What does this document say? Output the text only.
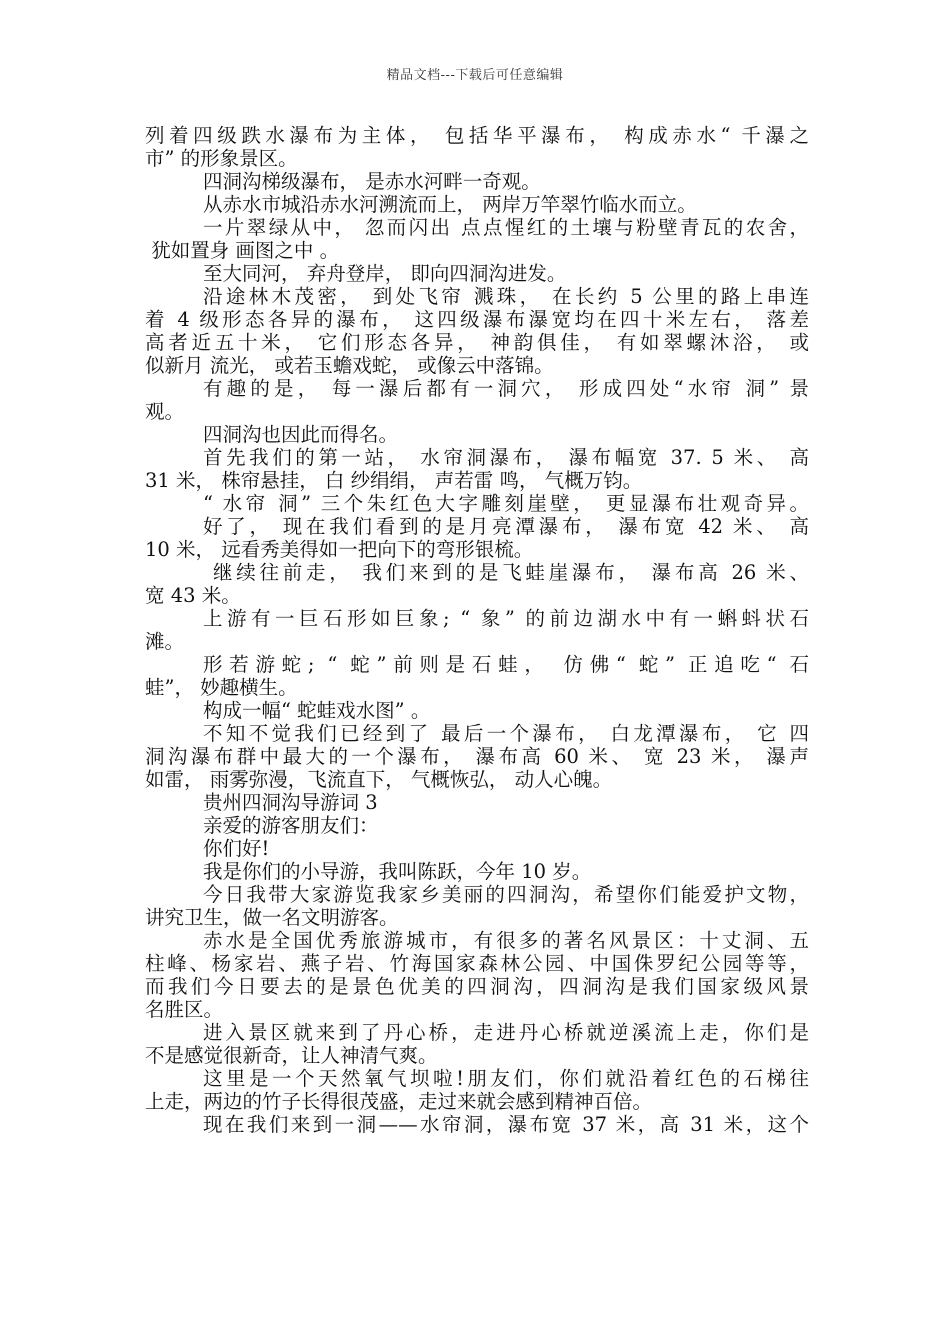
精品文档---下载后可任意编辑
列着四级跌水瀑布为主体， 包括华平瀑布， 构成赤水“ 千瀑之
市” 的形象景区。
四洞沟梯级瀑布， 是赤水河畔一奇观。
从赤水市城沿赤水河溯流而上， 两岸万竿翠竹临水而立。
一片翠绿从中， 忽而闪出 点点惺红的土壤与粉壁青瓦的农舍，
犹如置身 画图之中 。
至大同河， 弃舟登岸， 即向四洞沟进发。
沿途林木茂密， 到处飞帘 溅珠， 在长约 5 公里的路上串连
着 4 级形态各异的瀑布， 这四级瀑布瀑宽均在四十米左右， 落差
高者近五十米， 它们形态各异， 神韵俱佳， 有如翠螺沐浴， 或
似新月 流光， 或若玉蟾戏蛇， 或像云中落锦。
有趣的是， 每一瀑后都有一洞穴， 形成四处“水帘 洞” 景
观。
四洞沟也因此而得名。
首先我们的第一站， 水帘洞瀑布， 瀑布幅宽 37. 5 米、 高
31 米， 株帘悬挂， 白 纱绢绢， 声若雷 鸣， 气概万钧。
“ 水帘 洞” 三个朱红色大字雕刻崖壁， 更显瀑布壮观奇异。
好了， 现在我们看到的是月亮潭瀑布， 瀑布宽 42 米、 高
10 米， 远看秀美得如一把向下的弯形银梳。
继续往前走， 我们来到的是飞蛙崖瀑布， 瀑布高 26 米、
宽 43 米。
上游有一巨石形如巨象; “ 象” 的前边湖水中有一蝌蚪状石
滩。
形若游蛇; “ 蛇”前则是石蛙， 仿佛“ 蛇” 正追吃“ 石
蛙”， 妙趣横生。
构成一幅“ 蛇蛙戏水图” 。
不知不觉我们已经到了 最后一个瀑布， 白龙潭瀑布， 它 四
洞沟瀑布群中最大的一个瀑布， 瀑布高 60 米、 宽 23 米， 瀑声
如雷， 雨雾弥漫，飞流直下， 气概恢弘， 动人心魄。
贵州四洞沟导游词 3
亲爱的游客朋友们：
你们好!
我是你们的小导游，我叫陈跃，今年 10 岁。
今日我带大家游览我家乡美丽的四洞沟，希望你们能爱护文物，
讲究卫生，做一名文明游客。
赤水是全国优秀旅游城市，有很多的著名风景区：十丈洞、五
柱峰、杨家岩、燕子岩、竹海国家森林公园、中国侏罗纪公园等等，
而我们今日要去的是景色优美的四洞沟，四洞沟是我们国家级风景
名胜区。
进入景区就来到了丹心桥，走进丹心桥就逆溪流上走，你们是
不是感觉很新奇，让人神清气爽。
这里是一个天然氧气坝啦!朋友们，你们就沿着红色的石梯往
上走，两边的竹子长得很茂盛，走过来就会感到精神百倍。
现在我们来到一洞——水帘洞，瀑布宽 37 米，高 31 米，这个
